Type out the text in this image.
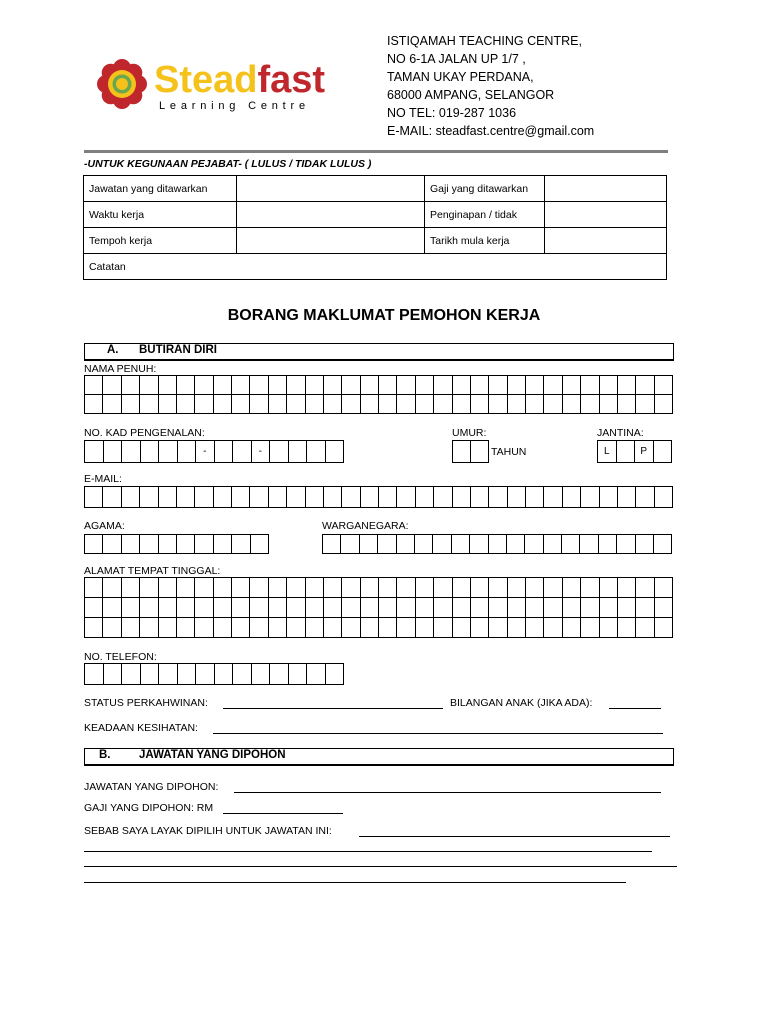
ISTIQAMAH TEACHING CENTRE,
NO 6-1A JALAN UP 1/7 ,
TAMAN UKAY PERDANA,
68000 AMPANG, SELANGOR
NO TEL: 019-287 1036
E-MAIL: steadfast.centre@gmail.com
Steadfast
Learning Centre
-UNTUK KEGUNAAN PEJABAT- ( LULUS / TIDAK LULUS )
Jawatan yang ditawarkan		Gaji yang ditawarkan	
Waktu kerja		Penginapan / tidak	
Tempoh kerja		Tarikh mula kerja	
Catatan			
BORANG MAKLUMAT PEMOHON KERJA
A. BUTIRAN DIRI
NAMA PENUH:
NO. KAD PENGENALAN:
-	-
UMUR:
TAHUN
JANTINA:
L	P
E-MAIL:
AGAMA:	WARGANEGARA:
ALAMAT TEMPAT TINGGAL:
NO. TELEFON:
STATUS PERKAHWINAN:	BILANGAN ANAK (JIKA ADA):
KEADAAN KESIHATAN:
B. JAWATAN YANG DIPOHON
JAWATAN YANG DIPOHON:
GAJI YANG DIPOHON: RM
SEBAB SAYA LAYAK DIPILIH UNTUK JAWATAN INI:
